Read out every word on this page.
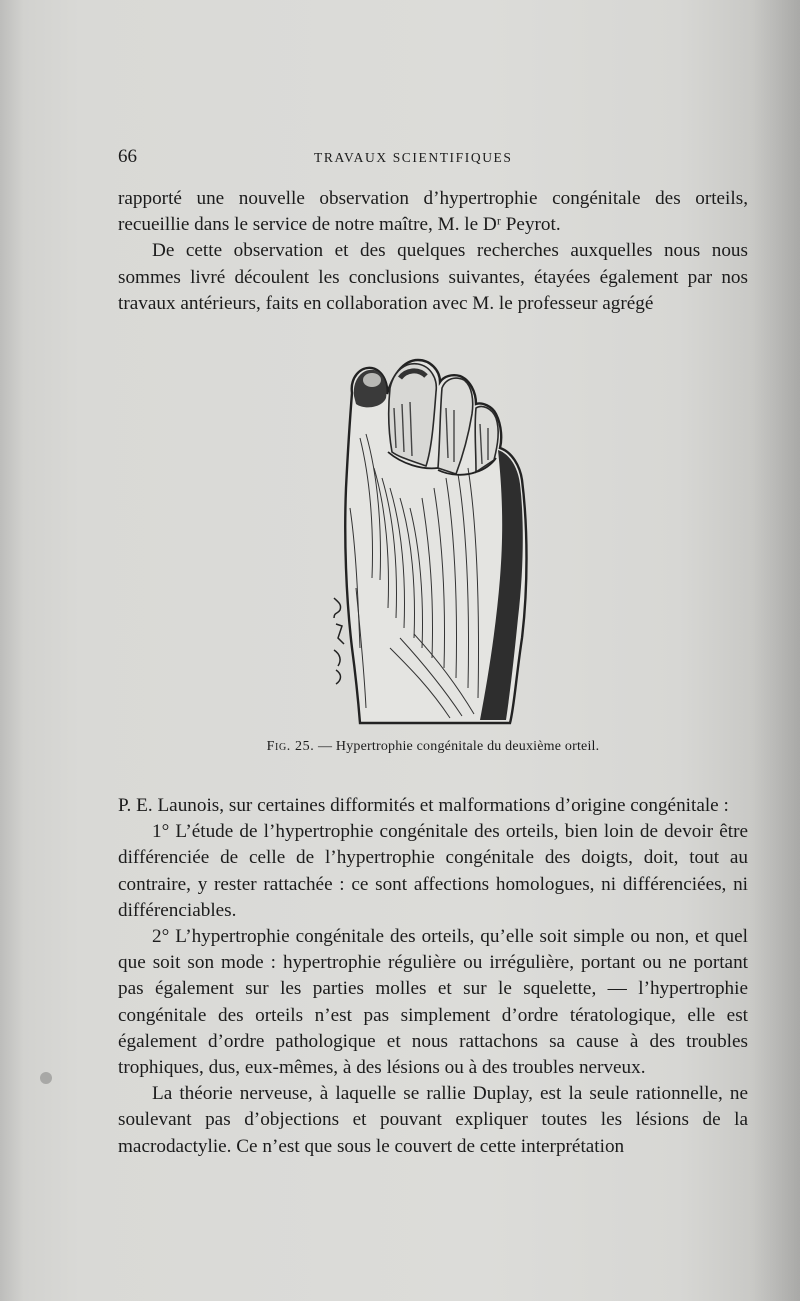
66	TRAVAUX SCIENTIFIQUES

rapporté une nouvelle observation d’hypertrophie congénitale des orteils, recueillie dans le service de notre maître, M. le Dʳ Peyrot.

De cette observation et des quelques recherches auxquelles nous nous sommes livré découlent les conclusions suivantes, étayées également par nos travaux antérieurs, faits en collaboration avec M. le professeur agrégé

Fig. 25. — Hypertrophie congénitale du deuxième orteil.

P. E. Launois, sur certaines difformités et malformations d’origine congénitale :

1° L’étude de l’hypertrophie congénitale des orteils, bien loin de devoir être différenciée de celle de l’hypertrophie congénitale des doigts, doit, tout au contraire, y rester rattachée : ce sont affections homologues, ni différenciées, ni différenciables.

2° L’hypertrophie congénitale des orteils, qu’elle soit simple ou non, et quel que soit son mode : hypertrophie régulière ou irrégulière, portant ou ne portant pas également sur les parties molles et sur le squelette, — l’hypertrophie congénitale des orteils n’est pas simplement d’ordre tératologique, elle est également d’ordre pathologique et nous rattachons sa cause à des troubles trophiques, dus, eux-mêmes, à des lésions ou à des troubles nerveux.

La théorie nerveuse, à laquelle se rallie Duplay, est la seule rationnelle, ne soulevant pas d’objections et pouvant expliquer toutes les lésions de la macrodactylie. Ce n’est que sous le couvert de cette interprétation
